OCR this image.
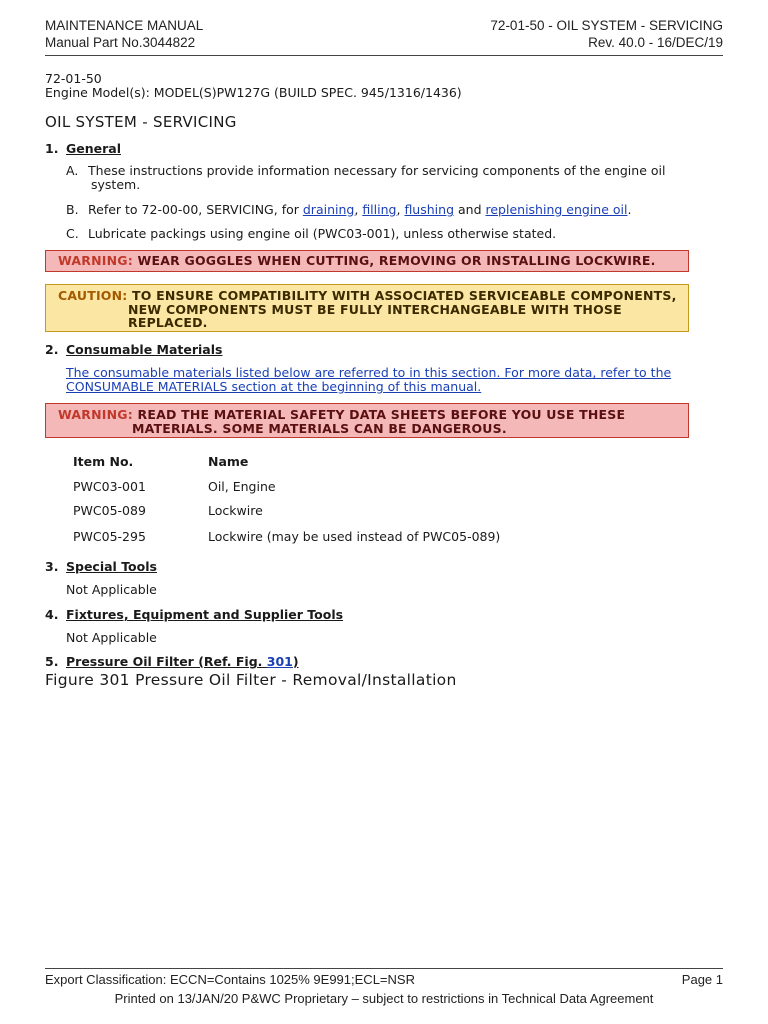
MAINTENANCE MANUAL
Manual Part No.3044822
72-01-50 - OIL SYSTEM - SERVICING
Rev. 40.0 - 16/DEC/19
72-01-50
Engine Model(s): MODEL(S)PW127G (BUILD SPEC. 945/1316/1436)
OIL SYSTEM - SERVICING
1. General
A. These instructions provide information necessary for servicing components of the engine oil
system.
B. Refer to 72-00-00, SERVICING, for draining, filling, flushing and replenishing engine oil.
C. Lubricate packings using engine oil (PWC03-001), unless otherwise stated.
WARNING: WEAR GOGGLES WHEN CUTTING, REMOVING OR INSTALLING LOCKWIRE.
CAUTION: TO ENSURE COMPATIBILITY WITH ASSOCIATED SERVICEABLE COMPONENTS,
NEW COMPONENTS MUST BE FULLY INTERCHANGEABLE WITH THOSE
REPLACED.
2. Consumable Materials
The consumable materials listed below are referred to in this section. For more data, refer to the
CONSUMABLE MATERIALS section at the beginning of this manual.
WARNING: READ THE MATERIAL SAFETY DATA SHEETS BEFORE YOU USE THESE
MATERIALS. SOME MATERIALS CAN BE DANGEROUS.
Item No.	Name
PWC03-001	Oil, Engine
PWC05-089	Lockwire
PWC05-295	Lockwire (may be used instead of PWC05-089)
3. Special Tools
Not Applicable
4. Fixtures, Equipment and Supplier Tools
Not Applicable
5. Pressure Oil Filter (Ref. Fig. 301)
Figure 301 Pressure Oil Filter - Removal/Installation
Export Classification: ECCN=Contains 1025% 9E991;ECL=NSR	Page 1
Printed on 13/JAN/20 P&WC Proprietary – subject to restrictions in Technical Data Agreement
